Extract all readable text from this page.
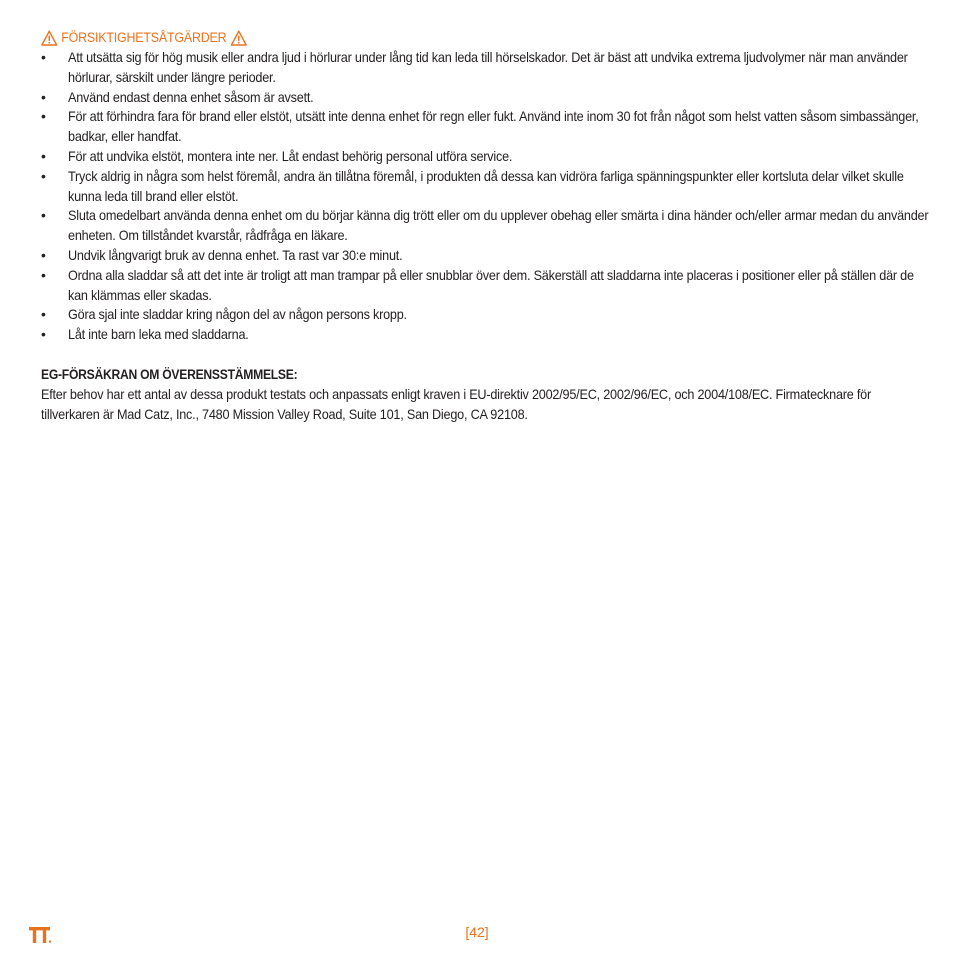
FÖRSIKTIGHETSÅTGÄRDER
• Att utsätta sig för hög musik eller andra ljud i hörlurar under lång tid kan leda till hörselskador. Det är bäst att undvika extrema ljudvolymer när man använder hörlurar, särskilt under längre perioder.
• Använd endast denna enhet såsom är avsett.
• För att förhindra fara för brand eller elstöt, utsätt inte denna enhet för regn eller fukt. Använd inte inom 30 fot från något som helst vatten såsom simbassänger, badkar, eller handfat.
• För att undvika elstöt, montera inte ner. Låt endast behörig personal utföra service.
• Tryck aldrig in några som helst föremål, andra än tillåtna föremål, i produkten då dessa kan vidröra farliga spänningspunkter eller kortsluta delar vilket skulle kunna leda till brand eller elstöt.
• Sluta omedelbart använda denna enhet om du börjar känna dig trött eller om du upplever obehag eller smärta i dina händer och/eller armar medan du använder enheten. Om tillståndet kvarstår, rådfråga en läkare.
• Undvik långvarigt bruk av denna enhet. Ta rast var 30:e minut.
• Ordna alla sladdar så att det inte är troligt att man trampar på eller snubblar över dem. Säkerställ att sladdarna inte placeras i positioner eller på ställen där de kan klämmas eller skadas.
• Göra sjal inte sladdar kring någon del av någon persons kropp.
• Låt inte barn leka med sladdarna.
EG-FÖRSÄKRAN OM ÖVERENSSTÄMMELSE:
Efter behov har ett antal av dessa produkt testats och anpassats enligt kraven i EU-direktiv 2002/95/EC, 2002/96/EC, och 2004/108/EC. Firmatecknare för tillverkaren är Mad Catz, Inc., 7480 Mission Valley Road, Suite 101, San Diego, CA 92108.
[42]
